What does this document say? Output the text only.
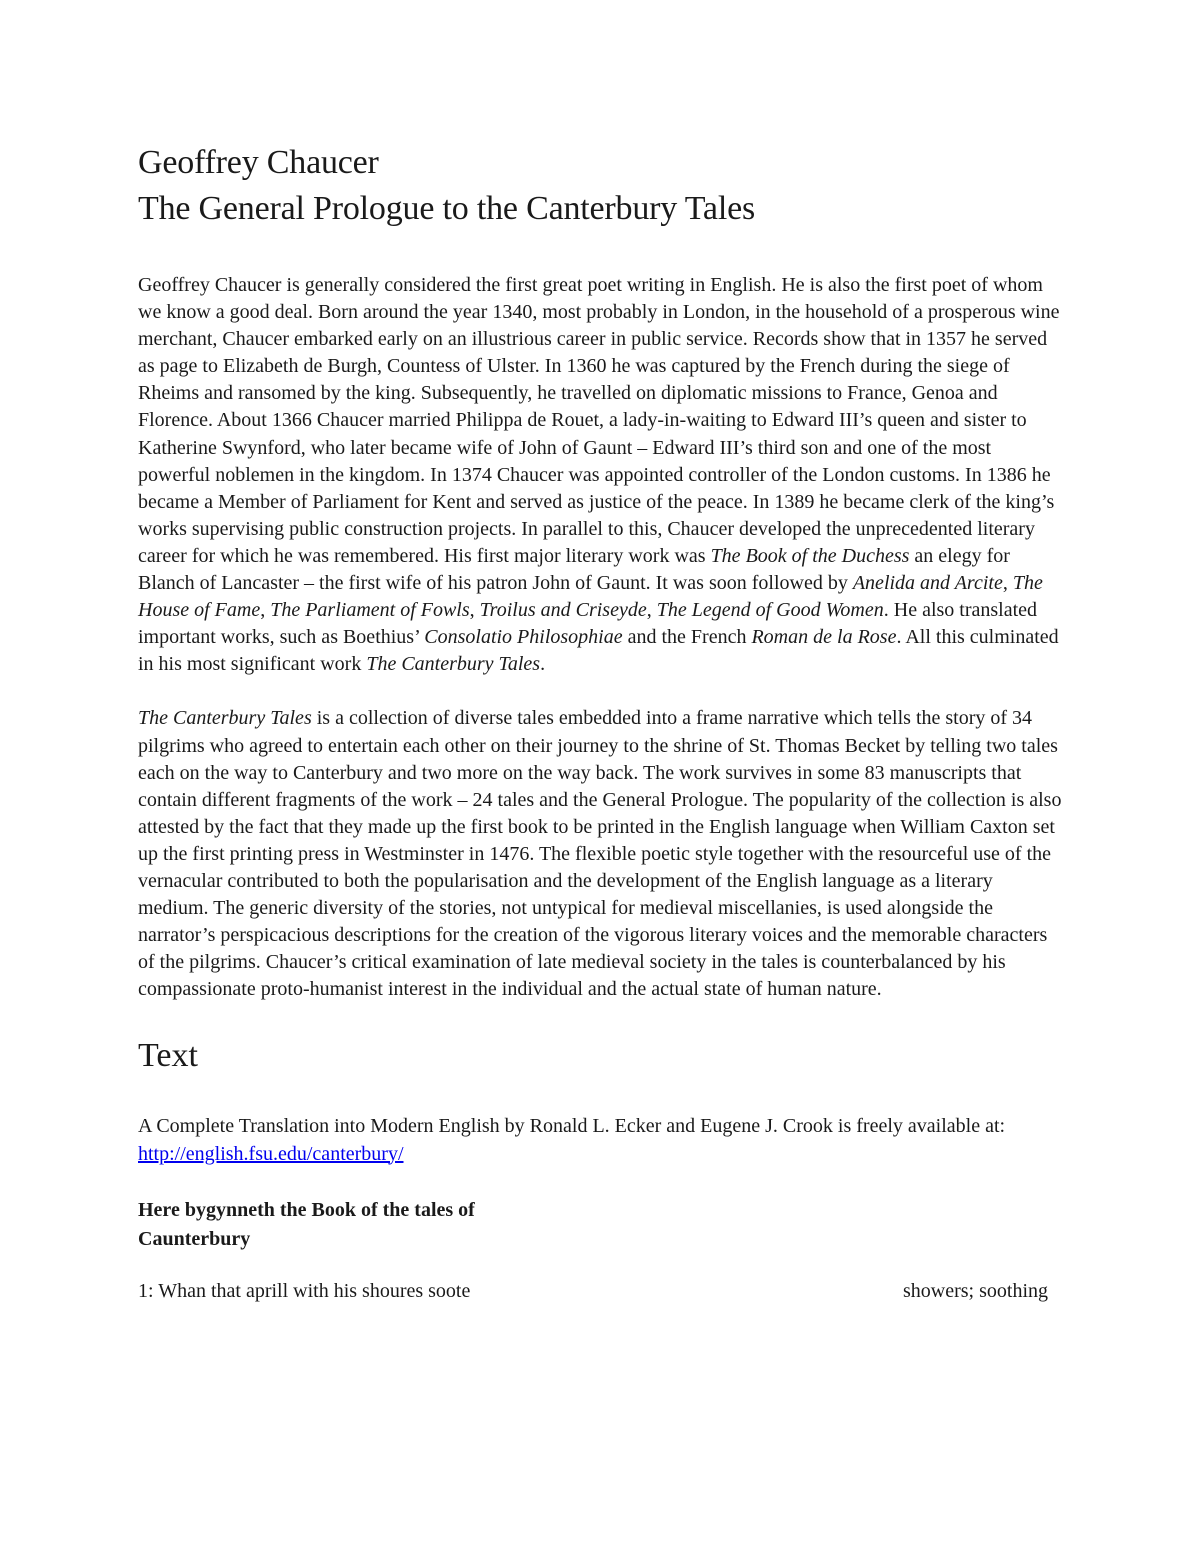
Geoffrey Chaucer
The General Prologue to the Canterbury Tales

Geoffrey Chaucer is generally considered the first great poet writing in English. He is also the first poet of whom we know a good deal. Born around the year 1340, most probably in London, in the household of a prosperous wine merchant, Chaucer embarked early on an illustrious career in public service. Records show that in 1357 he served as page to Elizabeth de Burgh, Countess of Ulster. In 1360 he was captured by the French during the siege of Rheims and ransomed by the king. Subsequently, he travelled on diplomatic missions to France, Genoa and Florence. About 1366 Chaucer married Philippa de Rouet, a lady-in-waiting to Edward III’s queen and sister to Katherine Swynford, who later became wife of John of Gaunt – Edward III’s third son and one of the most powerful noblemen in the kingdom. In 1374 Chaucer was appointed controller of the London customs. In 1386 he became a Member of Parliament for Kent and served as justice of the peace. In 1389 he became clerk of the king’s works supervising public construction projects. In parallel to this, Chaucer developed the unprecedented literary career for which he was remembered. His first major literary work was The Book of the Duchess an elegy for Blanch of Lancaster – the first wife of his patron John of Gaunt. It was soon followed by Anelida and Arcite, The House of Fame, The Parliament of Fowls, Troilus and Criseyde, The Legend of Good Women. He also translated important works, such as Boethius’ Consolatio Philosophiae and the French Roman de la Rose. All this culminated in his most significant work The Canterbury Tales.

The Canterbury Tales is a collection of diverse tales embedded into a frame narrative which tells the story of 34 pilgrims who agreed to entertain each other on their journey to the shrine of St. Thomas Becket by telling two tales each on the way to Canterbury and two more on the way back. The work survives in some 83 manuscripts that contain different fragments of the work – 24 tales and the General Prologue. The popularity of the collection is also attested by the fact that they made up the first book to be printed in the English language when William Caxton set up the first printing press in Westminster in 1476. The flexible poetic style together with the resourceful use of the vernacular contributed to both the popularisation and the development of the English language as a literary medium. The generic diversity of the stories, not untypical for medieval miscellanies, is used alongside the narrator’s perspicacious descriptions for the creation of the vigorous literary voices and the memorable characters of the pilgrims. Chaucer’s critical examination of late medieval society in the tales is counterbalanced by his compassionate proto-humanist interest in the individual and the actual state of human nature.

Text

A Complete Translation into Modern English by Ronald L. Ecker and Eugene J. Crook is freely available at: http://english.fsu.edu/canterbury/

Here bygynneth the Book of the tales of Caunterbury

1: Whan that aprill with his shoures soote	showers; soothing
